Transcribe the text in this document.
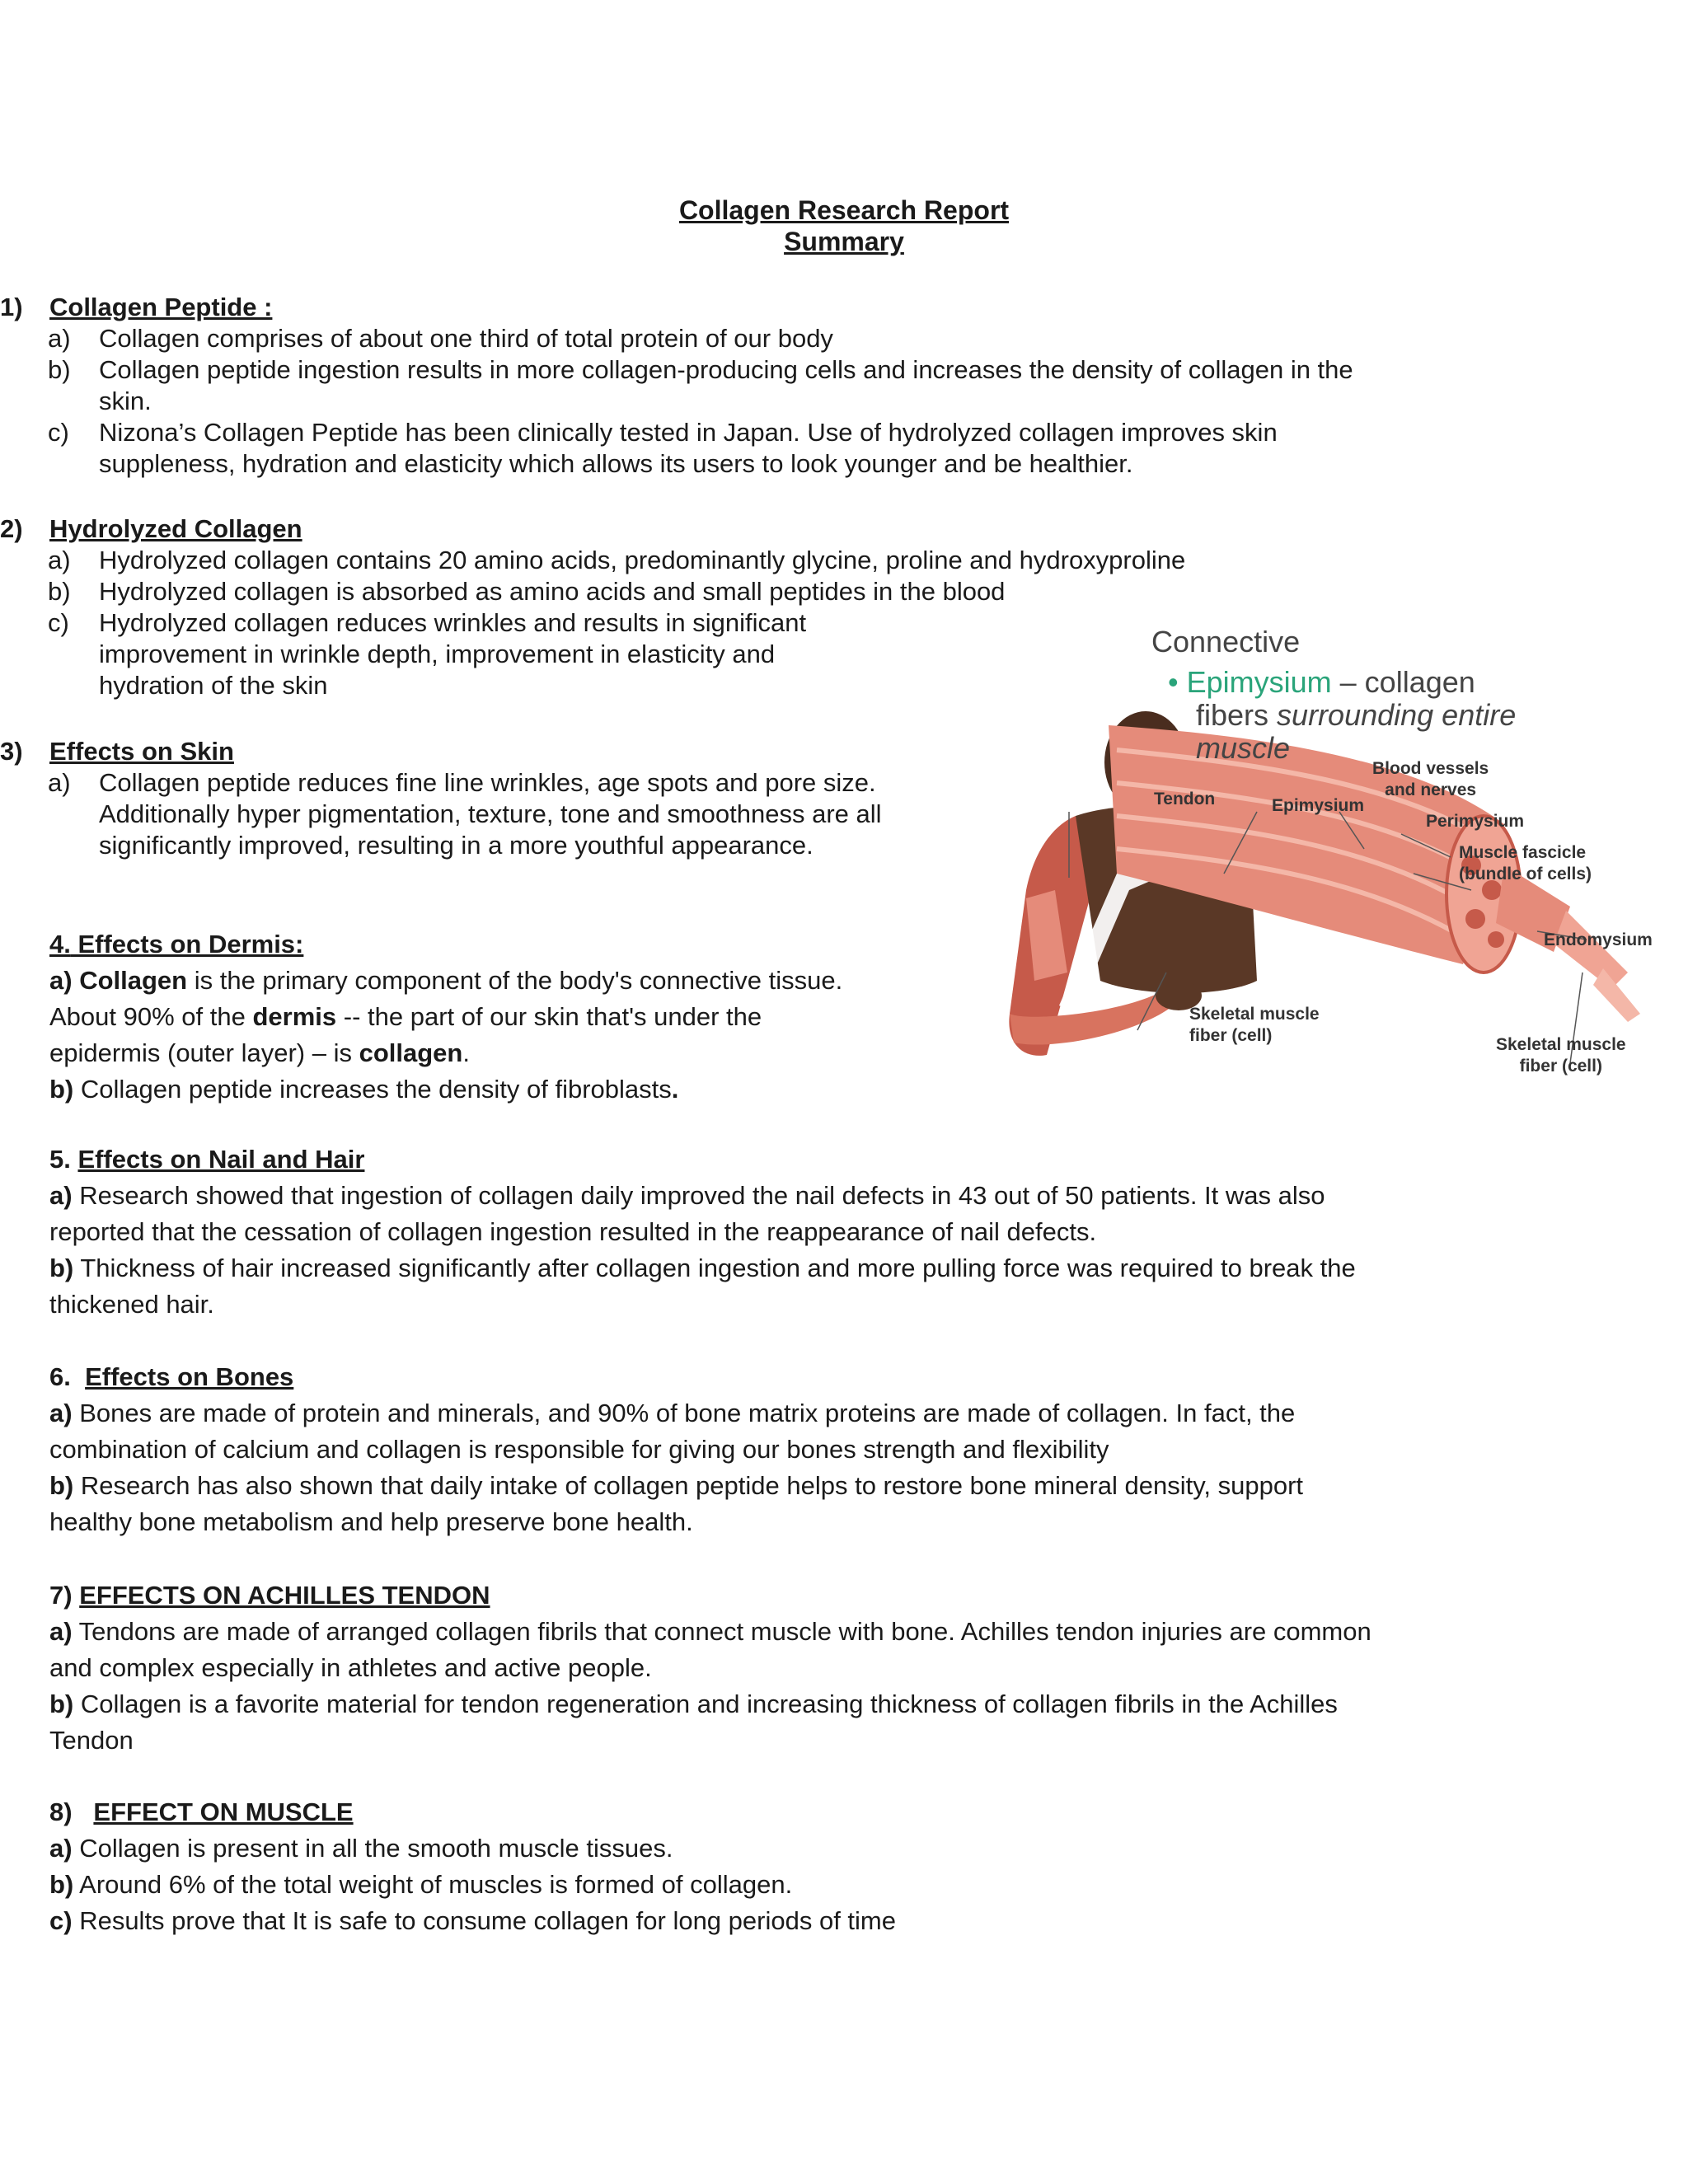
Collagen Research Report
Summary
1) Collagen Peptide :
a) Collagen comprises of about one third of total protein of our body
b) Collagen peptide ingestion results in more collagen-producing cells and increases the density of collagen in the
skin.
c) Nizona’s Collagen Peptide has been clinically tested in Japan. Use of hydrolyzed collagen improves skin
suppleness, hydration and elasticity which allows its users to look younger and be healthier.
2) Hydrolyzed Collagen
a) Hydrolyzed collagen contains 20 amino acids, predominantly glycine, proline and hydroxyproline
b) Hydrolyzed collagen is absorbed as amino acids and small peptides in the blood
c) Hydrolyzed collagen reduces wrinkles and results in significant
improvement in wrinkle depth, improvement in elasticity and
hydration of the skin
3) Effects on Skin
a) Collagen peptide reduces fine line wrinkles, age spots and pore size.
Additionally hyper pigmentation, texture, tone and smoothness are all
significantly improved, resulting in a more youthful appearance.
4. Effects on Dermis:
a) Collagen is the primary component of the body's connective tissue.
About 90% of the dermis -- the part of our skin that's under the
epidermis (outer layer) – is collagen.
b) Collagen peptide increases the density of fibroblasts.
5. Effects on Nail and Hair
a) Research showed that ingestion of collagen daily improved the nail defects in 43 out of 50 patients. It was also
reported that the cessation of collagen ingestion resulted in the reappearance of nail defects.
b) Thickness of hair increased significantly after collagen ingestion and more pulling force was required to break the
thickened hair.
6. Effects on Bones
a) Bones are made of protein and minerals, and 90% of bone matrix proteins are made of collagen. In fact, the
combination of calcium and collagen is responsible for giving our bones strength and flexibility
b) Research has also shown that daily intake of collagen peptide helps to restore bone mineral density, support
healthy bone metabolism and help preserve bone health.
7) EFFECTS ON ACHILLES TENDON
a) Tendons are made of arranged collagen fibrils that connect muscle with bone. Achilles tendon injuries are common
and complex especially in athletes and active people.
b) Collagen is a favorite material for tendon regeneration and increasing thickness of collagen fibrils in the Achilles
Tendon
8) EFFECT ON MUSCLE
a) Collagen is present in all the smooth muscle tissues.
b) Around 6% of the total weight of muscles is formed of collagen.
c) Results prove that It is safe to consume collagen for long periods of time
Connective
• Epimysium – collagen
fibers surrounding entire
muscle
Blood vessels
and nerves
Tendon	Epimysium
Perimysium
Muscle fascicle
(bundle of cells)
Endomysium
Skeletal muscle
fiber (cell)	Skeletal muscle
fiber (cell)
